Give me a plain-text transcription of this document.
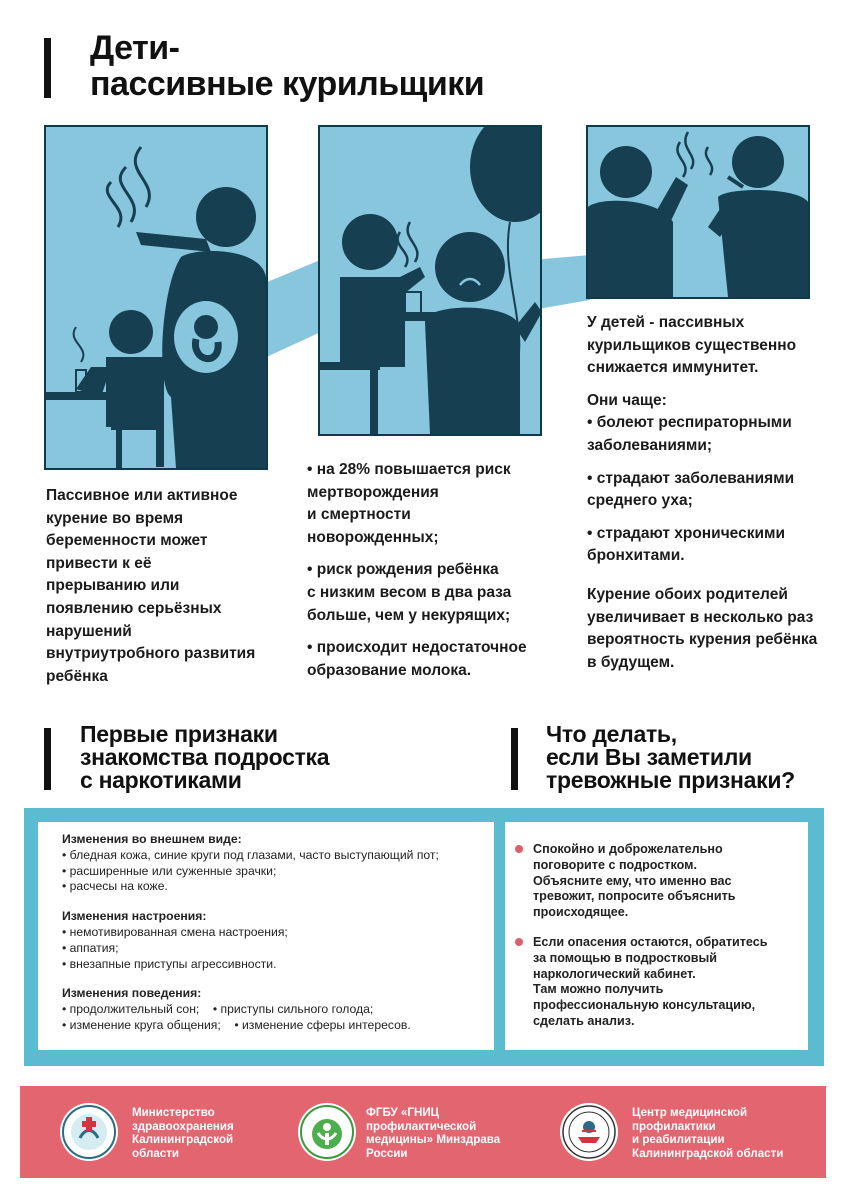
Дети-
пассивные курильщики
Пассивное или активное
курение во время
беременности может
привести к её
прерыванию или
появлению серьёзных
нарушений
внутриутробного развития
ребёнка
• на 28% повышается риск
мертворождения
и смертности
новорожденных;
• риск рождения ребёнка
с низким весом в два раза
больше, чем у некурящих;
• происходит недостаточное
образование молока.
У детей - пассивных
курильщиков существенно
снижается иммунитет.
Они чаще:
• болеют респираторными
заболеваниями;
• страдают заболеваниями
среднего уха;
• страдают хроническими
бронхитами.
Курение обоих родителей
увеличивает в несколько раз
вероятность курения ребёнка
в будущем.
Первые признаки
знакомства подростка
с наркотиками
Что делать,
если Вы заметили
тревожные признаки?
Изменения во внешнем виде:
• бледная кожа, синие круги под глазами, часто выступающий пот;
• расширенные или суженные зрачки;
• расчесы на коже.
Изменения настроения:
• немотивированная смена настроения;
• аппатия;
• внезапные приступы агрессивности.
Изменения поведения:
• продолжительный сон;    • приступы сильного голода;
• изменение круга общения;    • изменение сферы интересов.
Спокойно и доброжелательно
поговорите с подростком.
Объясните ему, что именно вас
тревожит, попросите объяснить
происходящее.
Если опасения остаются, обратитесь
за помощью в подростковый
наркологический кабинет.
Там можно получить
профессиональную консультацию,
сделать анализ.
Министерство
здравоохранения
Калининградской
области
ФГБУ «ГНИЦ
профилактической
медицины» Минздрава
России
Центр медицинской
профилактики
и реабилитации
Калининградской области
